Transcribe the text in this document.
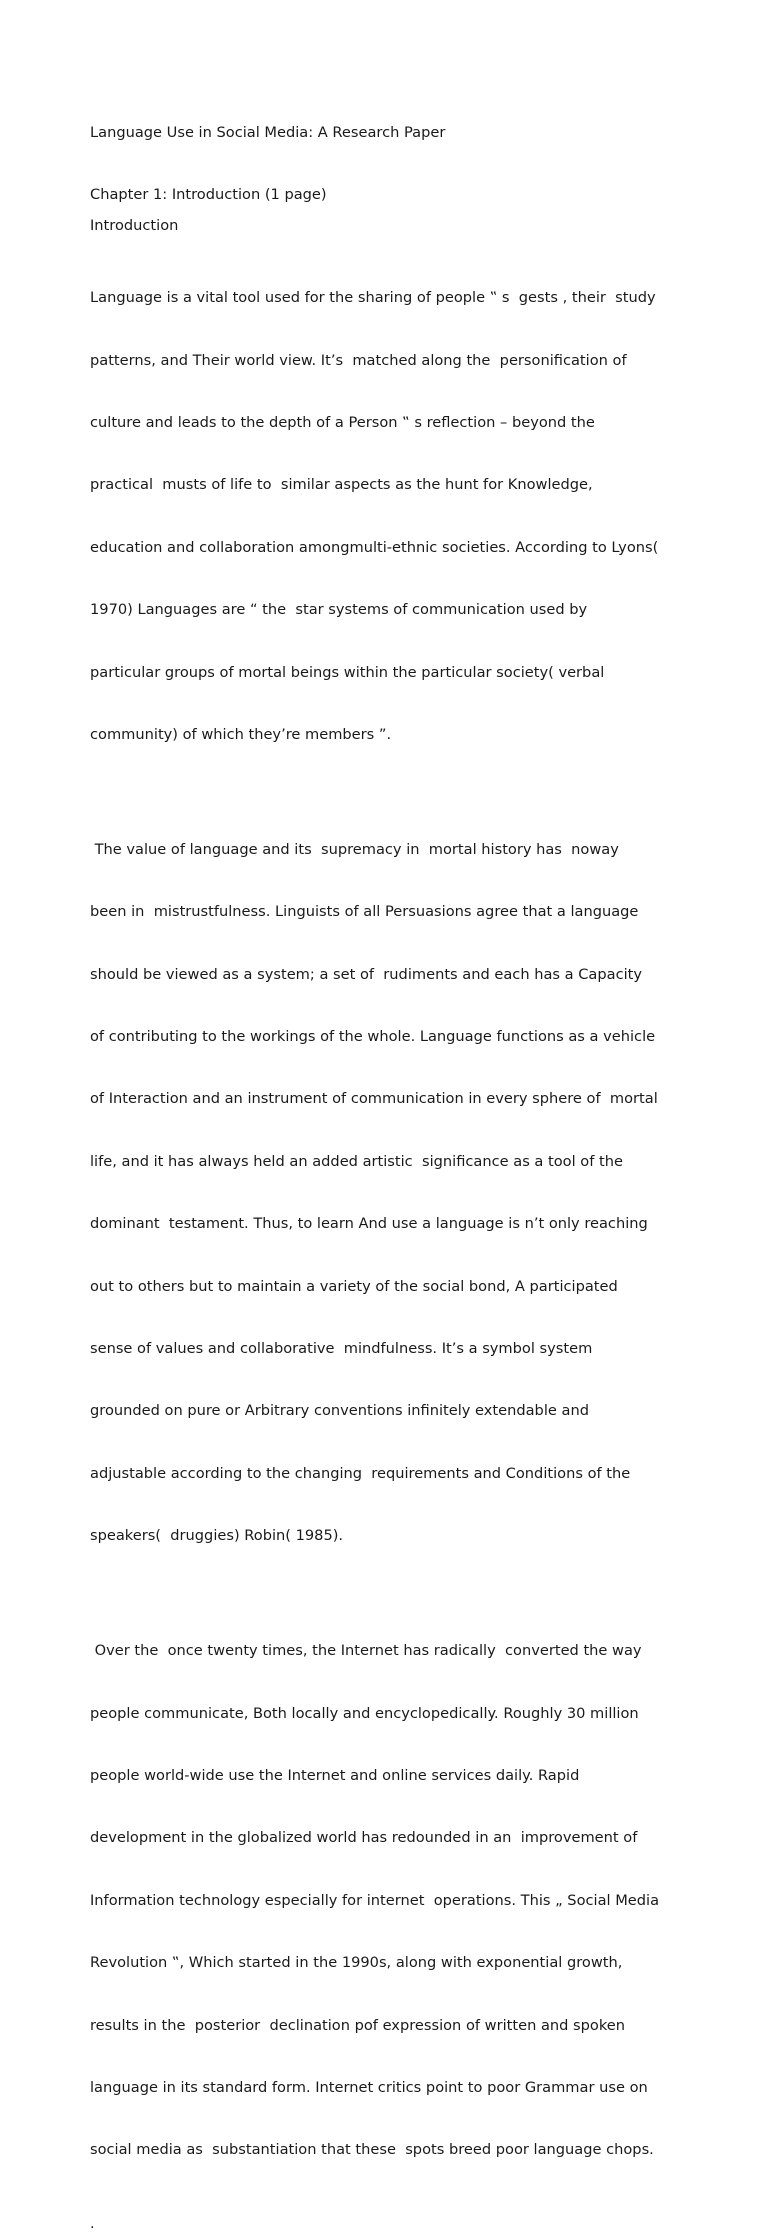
Language Use in Social Media: A Research Paper

Chapter 1: Introduction (1 page)

Introduction

Language is a vital tool used for the sharing of people ‟ s  gests , their  study

patterns, and Their world view. It’s  matched along the  personification of

culture and leads to the depth of a Person ‟ s reflection – beyond the

practical  musts of life to  similar aspects as the hunt for Knowledge,

education and collaboration amongmulti-ethnic societies. According to Lyons(

1970) Languages are “ the  star systems of communication used by

particular groups of mortal beings within the particular society( verbal

community) of which they’re members ”.

The value of language and its  supremacy in  mortal history has  noway

been in  mistrustfulness. Linguists of all Persuasions agree that a language

should be viewed as a system; a set of  rudiments and each has a Capacity

of contributing to the workings of the whole. Language functions as a vehicle

of Interaction and an instrument of communication in every sphere of  mortal

life, and it has always held an added artistic  significance as a tool of the

dominant  testament. Thus, to learn And use a language is n’t only reaching

out to others but to maintain a variety of the social bond, A participated

sense of values and collaborative  mindfulness. It’s a symbol system

grounded on pure or Arbitrary conventions infinitely extendable and

adjustable according to the changing  requirements and Conditions of the

speakers(  druggies) Robin( 1985).

Over the  once twenty times, the Internet has radically  converted the way

people communicate, Both locally and encyclopedically. Roughly 30 million

people world-wide use the Internet and online services daily. Rapid

development in the globalized world has redounded in an  improvement of

Information technology especially for internet  operations. This „ Social Media

Revolution ‟, Which started in the 1990s, along with exponential growth,

results in the  posterior  declination pof expression of written and spoken

language in its standard form. Internet critics point to poor Grammar use on

social media as  substantiation that these  spots breed poor language chops.

.
